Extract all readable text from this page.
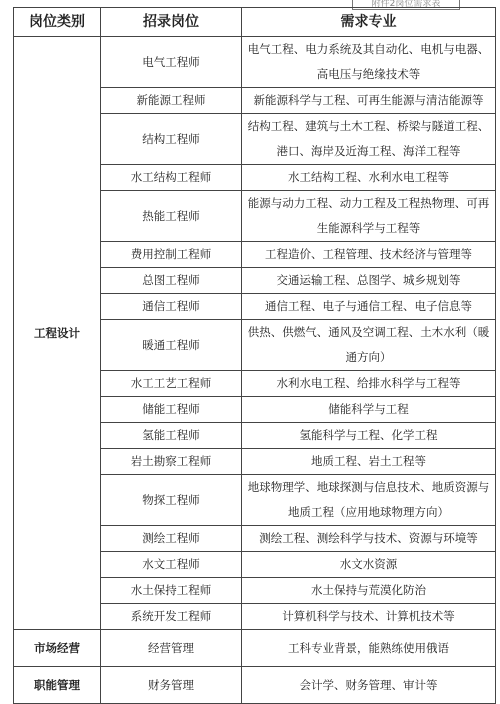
附件2岗位需求表
岗位类别	招录岗位	需求专业
工程设计	电气工程师	电气工程、电力系统及其自动化、电机与电器、高电压与绝缘技术等
	新能源工程师	新能源科学与工程、可再生能源与清洁能源等
	结构工程师	结构工程、建筑与土木工程、桥梁与隧道工程、港口、海岸及近海工程、海洋工程等
	水工结构工程师	水工结构工程、水利水电工程等
	热能工程师	能源与动力工程、动力工程及工程热物理、可再生能源科学与工程等
	费用控制工程师	工程造价、工程管理、技术经济与管理等
	总图工程师	交通运输工程、总图学、城乡规划等
	通信工程师	通信工程、电子与通信工程、电子信息等
	暖通工程师	供热、供燃气、通风及空调工程、土木水利（暖通方向）
	水工工艺工程师	水利水电工程、给排水科学与工程等
	储能工程师	储能科学与工程
	氢能工程师	氢能科学与工程、化学工程
	岩土勘察工程师	地质工程、岩土工程等
	物探工程师	地球物理学、地球探测与信息技术、地质资源与地质工程（应用地球物理方向）
	测绘工程师	测绘工程、测绘科学与技术、资源与环境等
	水文工程师	水文水资源
	水土保持工程师	水土保持与荒漠化防治
	系统开发工程师	计算机科学与技术、计算机技术等
市场经营	经营管理	工科专业背景，能熟练使用俄语
职能管理	财务管理	会计学、财务管理、审计等
